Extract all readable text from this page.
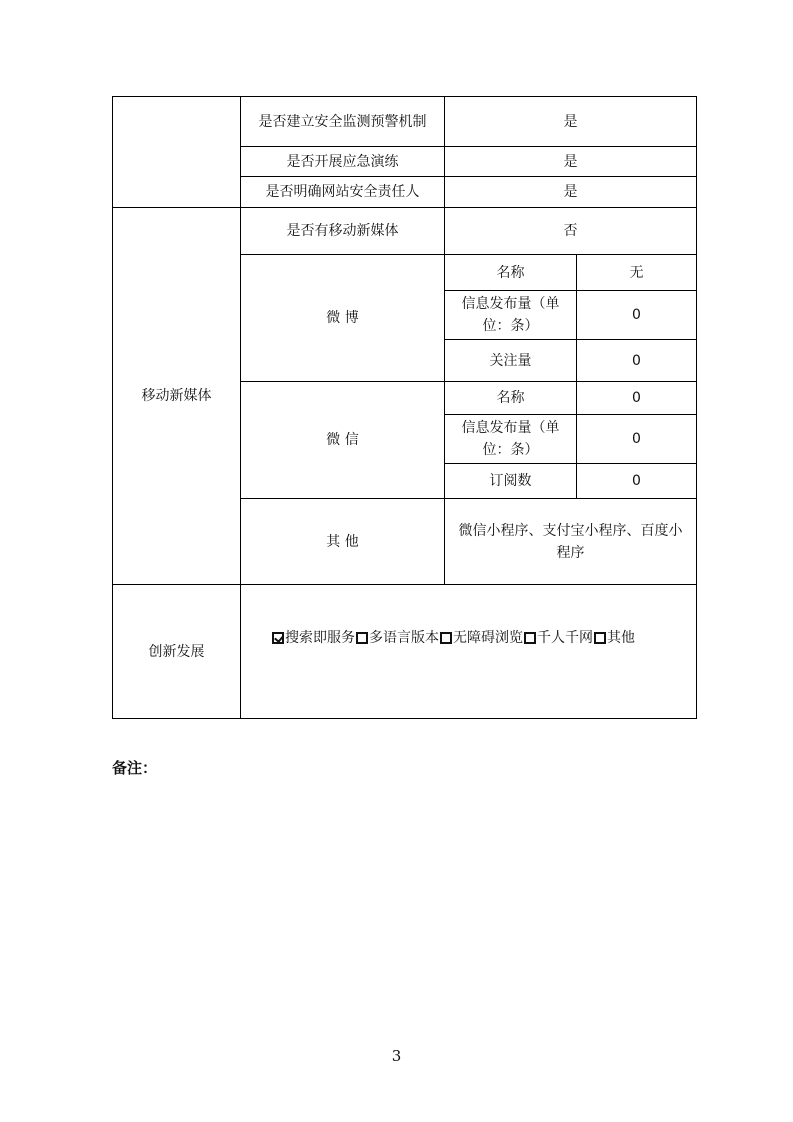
	是否建立安全监测预警机制	是	
	是否开展应急演练	是	
	是否明确网站安全责任人	是	
移动新媒体	是否有移动新媒体	否	
	微 博	名称	无
		信息发布量（单位：条）	0
		关注量	0
	微 信	名称	0
		信息发布量（单位：条）	0
		订阅数	0
	其 他	微信小程序、支付宝小程序、百度小程序	
创新发展	搜索即服务 多语言版本 无障碍浏览 千人千网 其他		
备注：
3
